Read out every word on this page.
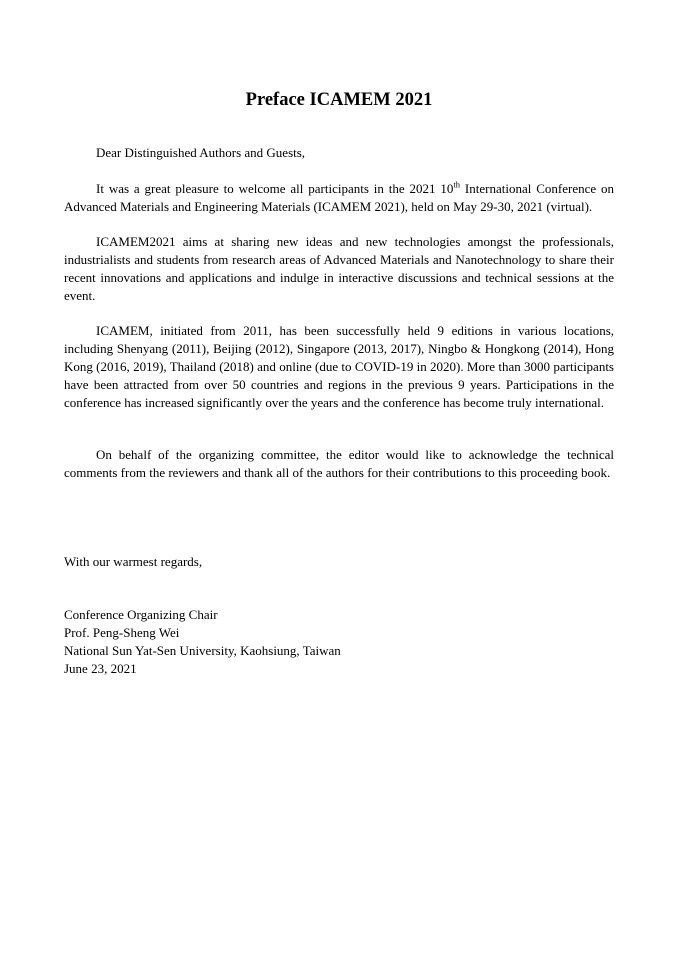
Preface ICAMEM 2021

Dear Distinguished Authors and Guests,

It was a great pleasure to welcome all participants in the 2021 10th International Conference on Advanced Materials and Engineering Materials (ICAMEM 2021), held on May 29-30, 2021 (virtual).

ICAMEM2021 aims at sharing new ideas and new technologies amongst the professionals, industrialists and students from research areas of Advanced Materials and Nanotechnology to share their recent innovations and applications and indulge in interactive discussions and technical sessions at the event.

ICAMEM, initiated from 2011, has been successfully held 9 editions in various locations, including Shenyang (2011), Beijing (2012), Singapore (2013, 2017), Ningbo & Hongkong (2014), Hong Kong (2016, 2019), Thailand (2018) and online (due to COVID-19 in 2020). More than 3000 participants have been attracted from over 50 countries and regions in the previous 9 years. Participations in the conference has increased significantly over the years and the conference has become truly international.

On behalf of the organizing committee, the editor would like to acknowledge the technical comments from the reviewers and thank all of the authors for their contributions to this proceeding book.

With our warmest regards,

Conference Organizing Chair
Prof. Peng-Sheng Wei
National Sun Yat-Sen University, Kaohsiung, Taiwan
June 23, 2021
